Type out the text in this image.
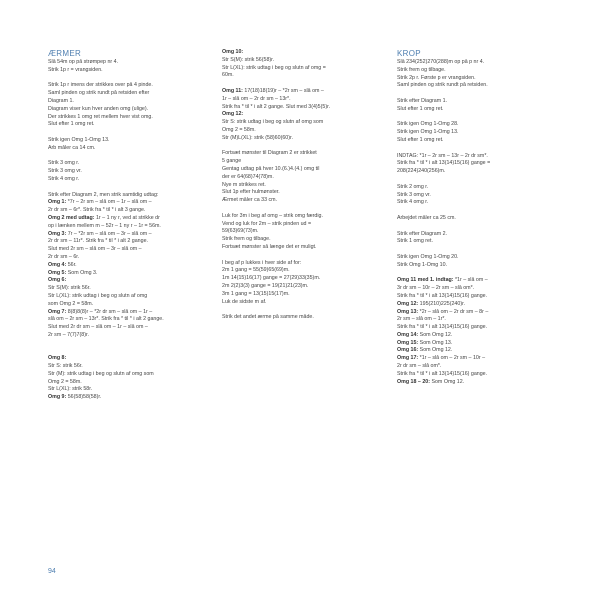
ÆRMER
Slå 54m op på strømpep nr 4.
Strik 1p r = vrangsiden.
Strik 1p r imens der strikkes over på 4 pinde.
Saml pinden og strik rundt på retsiden efter
Diagram 1.
Diagram viser kun hver anden omg (ulige).
Der strikkes 1 omg ret mellem hver vist omg.
Slut efter 1 omg ret.
Strik igen Omg 1-Omg 13.
Arb måler ca 14 cm.
Strik 3 omg r.
Strik 3 omg vr.
Strik 4 omg r.
Strik efter Diagram 2, men strik samtidig udtag:
Omg 1: *7r – 2r sm – slå om – 1r – slå om –
2r dr sm – 6r*. Strik fra * til * i alt 3 gange.
Omg 2 med udtag: 1r – 1 ny r, ved at strikke dr
op i lænken mellem m – 52r – 1 ny r – 1r = 56m.
Omg 3: 7r – *2r sm – slå om – 3r – slå om –
2r dr sm – 11r*. Strik fra * til * i alt 2 gange.
Slut med 2r sm – slå om – 3r – slå om –
2r dr sm – 6r.
Omg 4: 56r.
Omg 5: Som Omg 3.
Omg 6:
Str S(M): strik 56r.
Str L(XL): strik udtag i beg og slutn af omg
som Omg 2 = 58m.
Omg 7: 8(8)8(8)r – *2r dr sm – slå om – 1r –
slå om – 2r sm – 13r*. Strik fra * til * i alt 2 gange.
Slut med 2r dr sm – slå om – 1r – slå om –
2r sm – 7(7)7(8)r.
Omg 8:
Str S: strik 56r.
Str (M): strik udtag i beg og slutn af omg som
Omg 2 = 58m.
Str L(XL): strik 58r.
Omg 9: 56(58)58(58)r.
Omg 10:
Str S(M): strik 56(58)r.
Str L(XL): strik udtag i beg og slutn af omg =
60m.
Omg 11: 17(18)18(19)r – *2r sm – slå om –
1r – slå om – 2r dr sm – 13r*.
Strik fra * til * i alt 2 gange. Slut med 3(4)5(5)r.
Omg 12:
Str S: strik udtag i beg og slutn af omg som
Omg 2 = 58m.
Str (M)L(XL): strik (58)60(60)r.
Fortsæt mønster til Diagram 2 er strikket
5 gange
Gentag udtag på hver 10.(6.)4.(4.) omg til
der er 64(68)74(78)m.
Nye m strikkes ret.
Slut 1p efter hulmønster.
Ærmet måler ca 33 cm.
Luk for 3m i beg af omg – strik omg færdig.
Vend og luk for 2m – strik pinden ud =
59(63)69(73)m.
Strik frem og tilbage.
Fortsæt mønster så længe det er muligt.
I beg af p lukkes i hver side af for:
2m 1 gang = 55(59)65(69)m.
1m 14(15)16(17) gange = 27(29)33(35)m.
2m 2(2)3(3) gange = 19(21)21(23)m.
3m 1 gang = 13(15)15(17)m.
Luk de sidste m af.
Strik det andet ærme på samme måde.
KROP
Slå 234(252)270(288)m op på p nr 4.
Strik frem og tilbage.
Strik 2p r. Første p er vrangsiden.
Saml pinden og strik rundt på retsiden.
Strik efter Diagram 1.
Slut efter 1 omg ret.
Strik igen Omg 1-Omg 28.
Strik igen Omg 1-Omg 13.
Slut efter 1 omg ret.
INDTAG: *1r – 2r sm – 13r – 2r dr sm*.
Strik fra * til * i alt 13(14)15(16) gange =
208(224)240(256)m.
Strik 2 omg r.
Strik 3 omg vr.
Strik 4 omg r.
Arbejdet måler ca 25 cm.
Strik efter Diagram 2.
Strik 1 omg ret.
Strik igen Omg 1-Omg 20.
Strik Omg 1-Omg 10.
Omg 11 med 1. indtag: *1r – slå om –
3r dr sm – 10r – 2r sm – slå om*.
Strik fra * til * i alt 13(14)15(16) gange.
Omg 12: 195(210)225(240)r.
Omg 13: *2r – slå om – 2r dr sm – 8r –
2r sm – slå om – 1r*.
Strik fra * til * i alt 13(14)15(16) gange.
Omg 14: Som Omg 12.
Omg 15: Som Omg 13.
Omg 16: Som Omg 12.
Omg 17: *1r – slå om – 2r sm – 10r –
2r dr sm – slå om*.
Strik fra * til * i alt 13(14)15(16) gange.
Omg 18 – 20: Som Omg 12.
94
